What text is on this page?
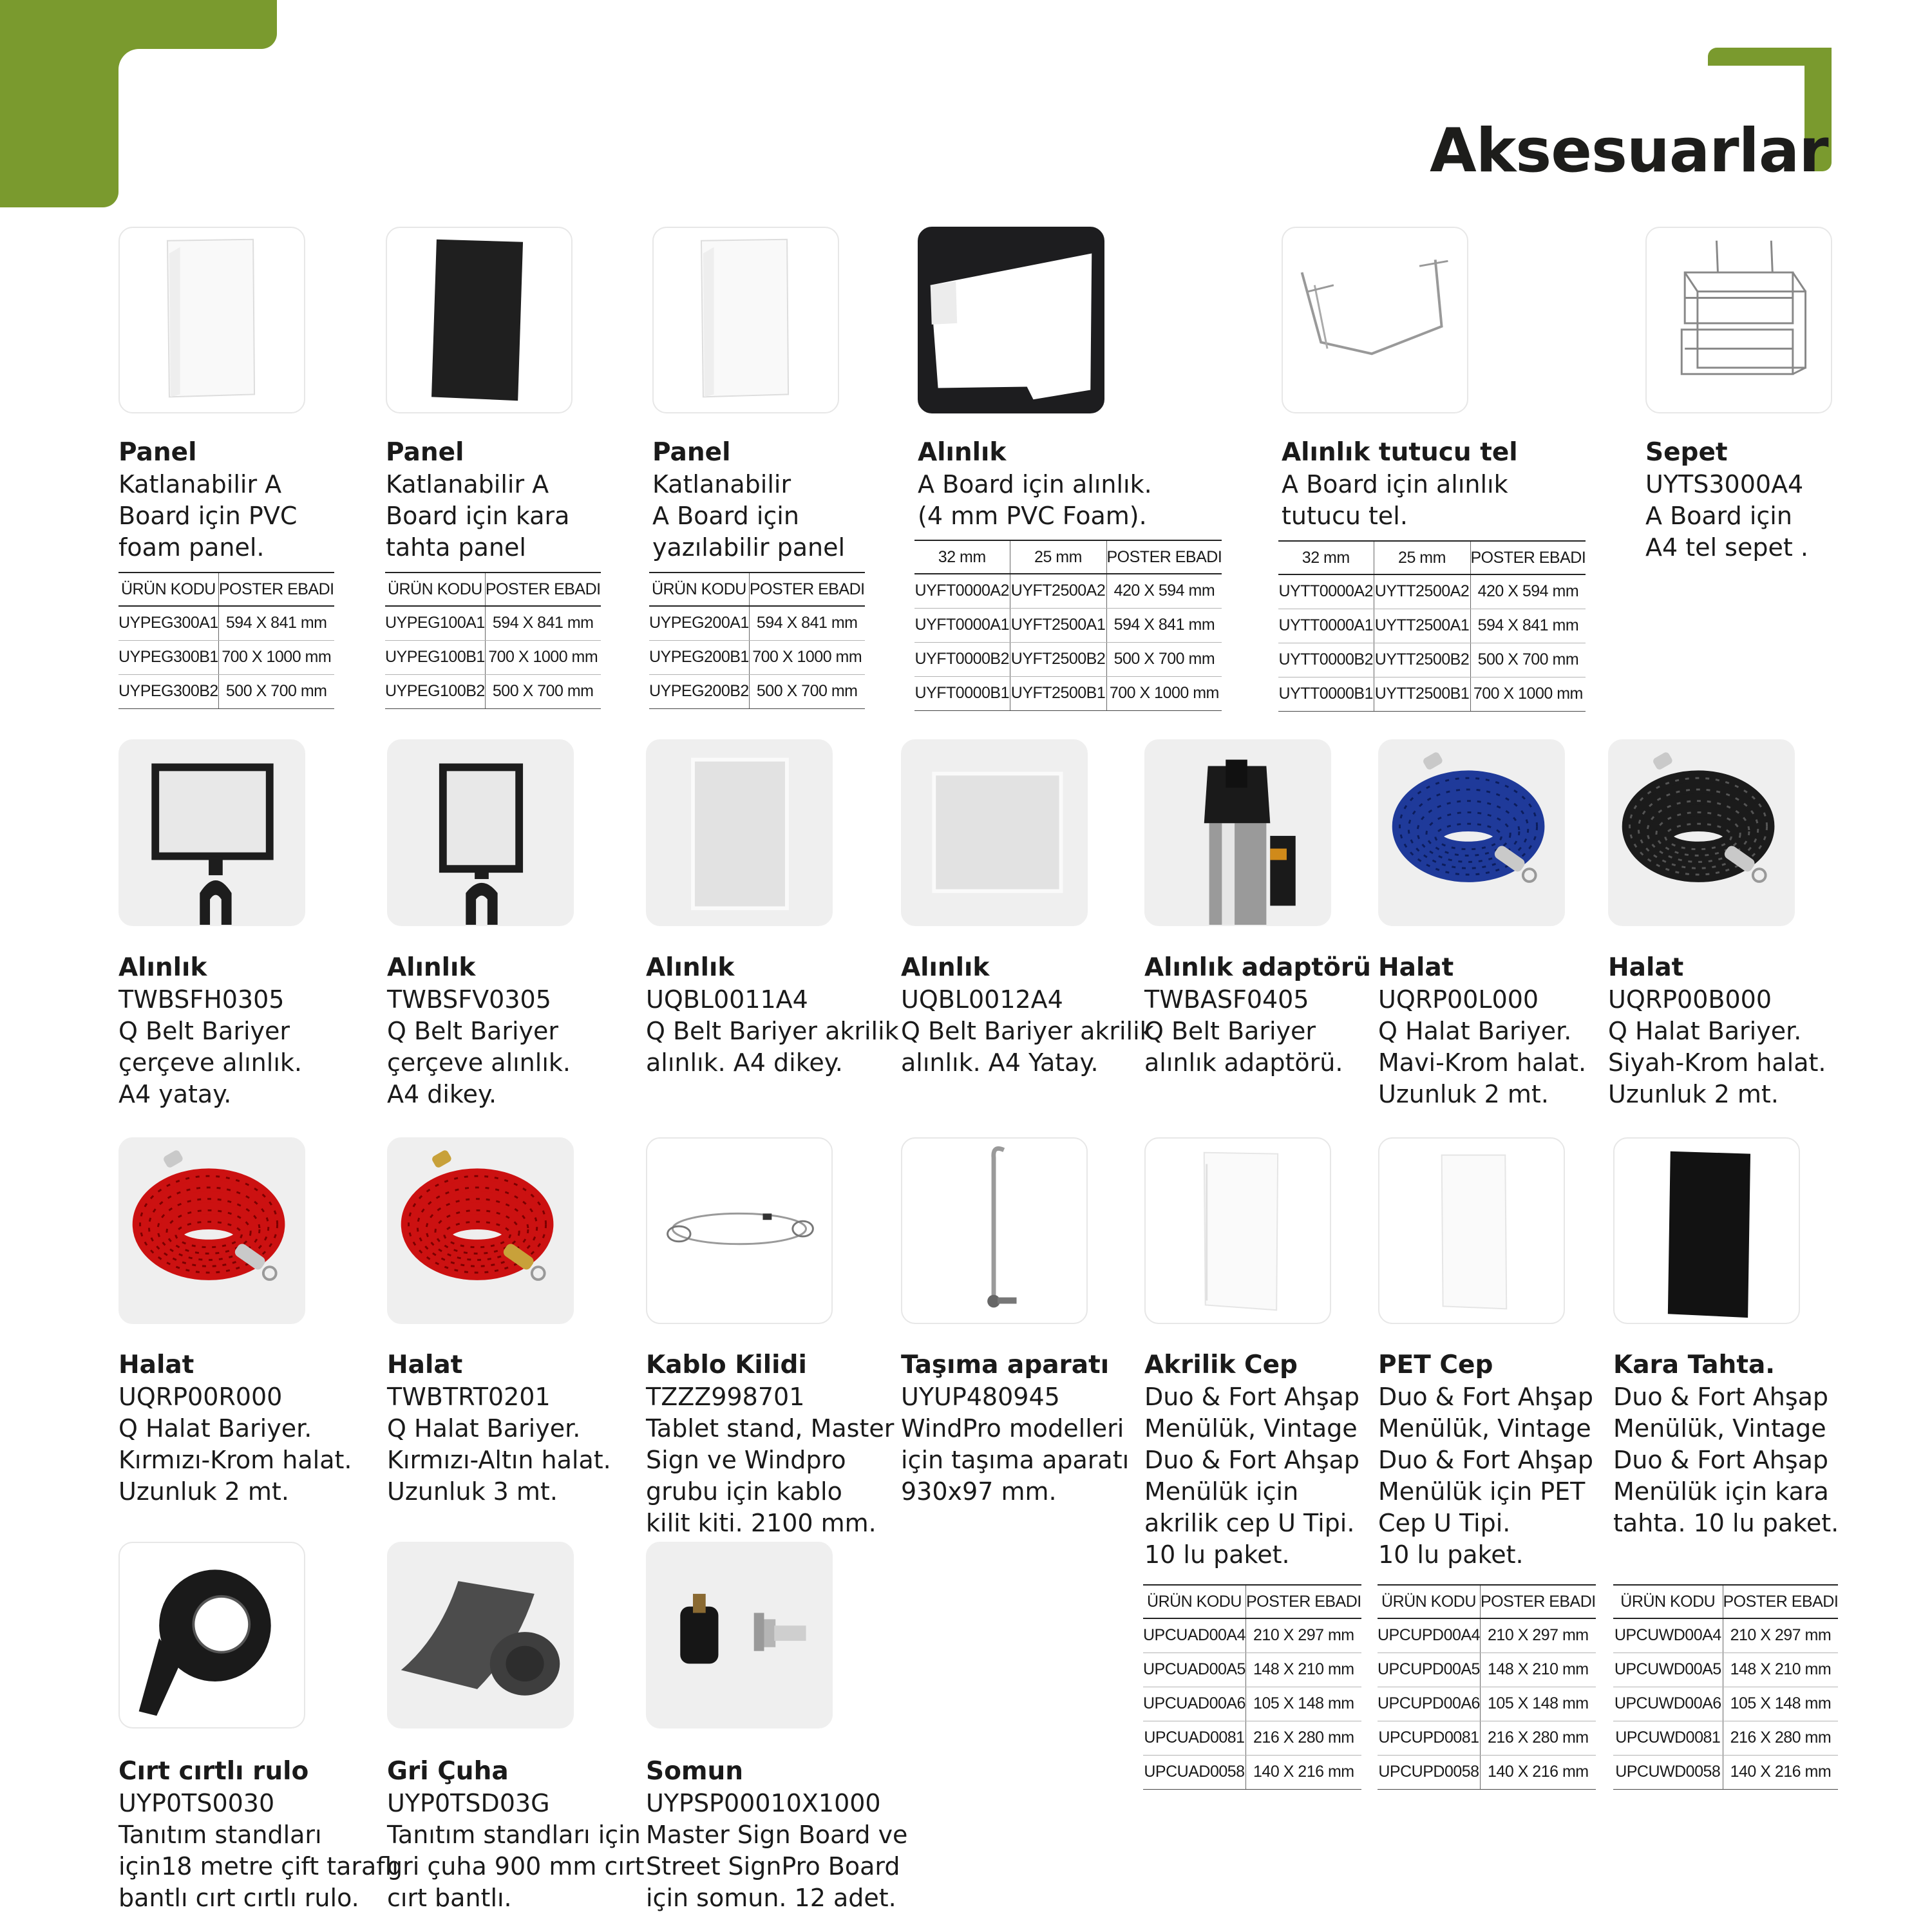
Aksesuarlar
Panel
Katlanabilir A
Board için PVC
foam panel.
Panel
Katlanabilir A
Board için kara
tahta panel
Panel
Katlanabilir
A Board için
yazılabilir panel
Alınlık
A Board için alınlık.
(4 mm PVC Foam).
Alınlık tutucu tel
A Board için alınlık
tutucu tel.
Sepet
UYTS3000A4
A Board için
A4 tel sepet .
Alınlık
TWBSFH0305
Q Belt Bariyer
çerçeve alınlık.
A4 yatay.
Alınlık
TWBSFV0305
Q Belt Bariyer
çerçeve alınlık.
A4 dikey.
Alınlık
UQBL0011A4
Q Belt Bariyer akrilik
alınlık. A4 dikey.
Alınlık
UQBL0012A4
Q Belt Bariyer akrilik
alınlık. A4 Yatay.
Alınlık adaptörü
TWBASF0405
Q Belt Bariyer
alınlık adaptörü.
Halat
UQRP00L000
Q Halat Bariyer.
Mavi-Krom halat.
Uzunluk 2 mt.
Halat
UQRP00B000
Q Halat Bariyer.
Siyah-Krom halat.
Uzunluk 2 mt.
Halat
UQRP00R000
Q Halat Bariyer.
Kırmızı-Krom halat.
Uzunluk 2 mt.
Halat
TWBTRT0201
Q Halat Bariyer.
Kırmızı-Altın halat.
Uzunluk 3 mt.
Kablo Kilidi
TZZZ998701
Tablet stand, Master
Sign ve Windpro
grubu için kablo
kilit kiti. 2100 mm.
Taşıma aparatı
UYUP480945
WindPro modelleri
için taşıma aparatı
930x97 mm.
Akrilik Cep
Duo & Fort Ahşap
Menülük, Vintage
Duo & Fort Ahşap
Menülük için
akrilik cep U Tipi.
10 lu paket.
PET Cep
Duo & Fort Ahşap
Menülük, Vintage
Duo & Fort Ahşap
Menülük için PET
Cep U Tipi.
10 lu paket.
Kara Tahta.
Duo & Fort Ahşap
Menülük, Vintage
Duo & Fort Ahşap
Menülük için kara
tahta. 10 lu paket.
Cırt cırtlı rulo
UYP0TS0030
Tanıtım standları
için18 metre çift taraflı
bantlı cırt cırtlı rulo.
Gri Çuha
UYP0TSD03G
Tanıtım standları için
gri çuha 900 mm cırt
cırt bantlı.
Somun
UYPSP00010X1000
Master Sign Board ve
Street SignPro Board
için somun. 12 adet.
ÜRÜN KODU	POSTER EBADI
UYPEG300A1	594 X 841 mm
UYPEG300B1	700 X 1000 mm
UYPEG300B2	500 X 700 mm
ÜRÜN KODU	POSTER EBADI
UYPEG100A1	594 X 841 mm
UYPEG100B1	700 X 1000 mm
UYPEG100B2	500 X 700 mm
ÜRÜN KODU	POSTER EBADI
UYPEG200A1	594 X 841 mm
UYPEG200B1	700 X 1000 mm
UYPEG200B2	500 X 700 mm
32 mm	25 mm	POSTER EBADI
UYFT0000A2	UYFT2500A2	420 X 594 mm
UYFT0000A1	UYFT2500A1	594 X 841 mm
UYFT0000B2	UYFT2500B2	500 X 700 mm
UYFT0000B1	UYFT2500B1	700 X 1000 mm
32 mm	25 mm	POSTER EBADI
UYTT0000A2	UYTT2500A2	420 X 594 mm
UYTT0000A1	UYTT2500A1	594 X 841 mm
UYTT0000B2	UYTT2500B2	500 X 700 mm
UYTT0000B1	UYTT2500B1	700 X 1000 mm
ÜRÜN KODU	POSTER EBADI
UPCUAD00A4	210 X 297 mm
UPCUAD00A5	148 X 210 mm
UPCUAD00A6	105 X 148 mm
UPCUAD0081	216 X 280 mm
UPCUAD0058	140 X 216 mm
ÜRÜN KODU	POSTER EBADI
UPCUPD00A4	210 X 297 mm
UPCUPD00A5	148 X 210 mm
UPCUPD00A6	105 X 148 mm
UPCUPD0081	216 X 280 mm
UPCUPD0058	140 X 216 mm
ÜRÜN KODU	POSTER EBADI
UPCUWD00A4	210 X 297 mm
UPCUWD00A5	148 X 210 mm
UPCUWD00A6	105 X 148 mm
UPCUWD0081	216 X 280 mm
UPCUWD0058	140 X 216 mm
